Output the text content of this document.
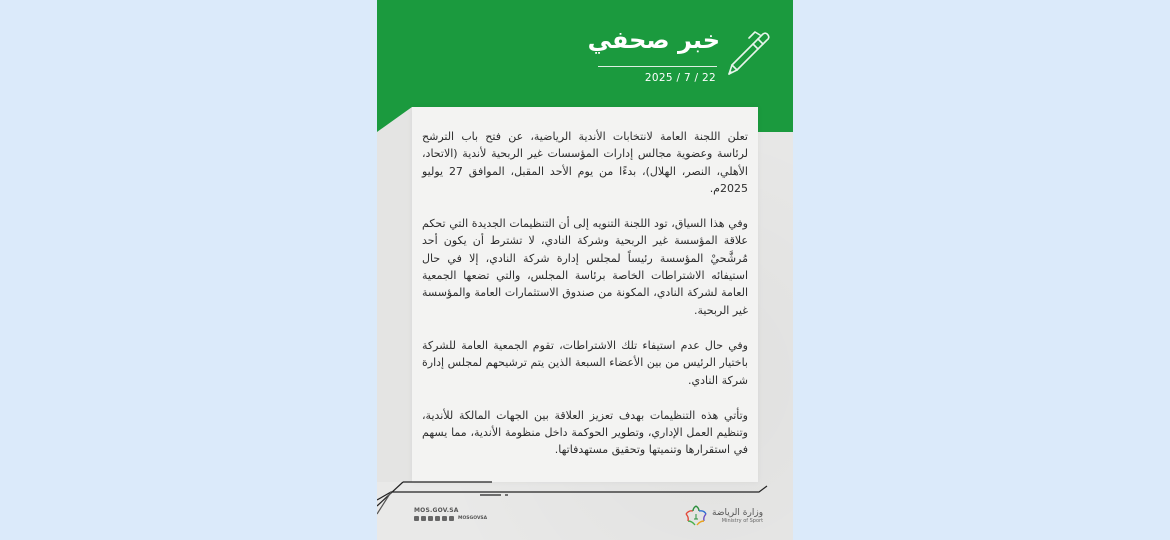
خبر صحفي
2025 / 7 / 22

تعلن اللجنة العامة لانتخابات الأندية الرياضية، عن فتح باب الترشح لرئاسة وعضوية مجالس إدارات المؤسسات غير الربحية لأندية (الاتحاد، الأهلي، النصر، الهلال)، بدءًا من يوم الأحد المقبل، الموافق 27 يوليو 2025م.

وفي هذا السياق، تود اللجنة التنويه إلى أن التنظيمات الجديدة التي تحكم علاقة المؤسسة غير الربحية وشركة النادي، لا تشترط أن يكون أحد مُرشَّحيْ المؤسسة رئيساً لمجلس إدارة شركة النادي، إلا في حال استيفائه الاشتراطات الخاصة برئاسة المجلس، والتي تضعها الجمعية العامة لشركة النادي، المكونة من صندوق الاستثمارات العامة والمؤسسة غير الربحية.

وفي حال عدم استيفاء تلك الاشتراطات، تقوم الجمعية العامة للشركة باختيار الرئيس من بين الأعضاء السبعة الذين يتم ترشيحهم لمجلس إدارة شركة النادي.

وتأتي هذه التنظيمات بهدف تعزيز العلاقة بين الجهات المالكة للأندية، وتنظيم العمل الإداري، وتطوير الحوكمة داخل منظومة الأندية، مما يسهم في استقرارها وتنميتها وتحقيق مستهدفاتها.

MOS.GOV.SA
MOSGOVSA
وزارة الرياضة
Ministry of Sport
